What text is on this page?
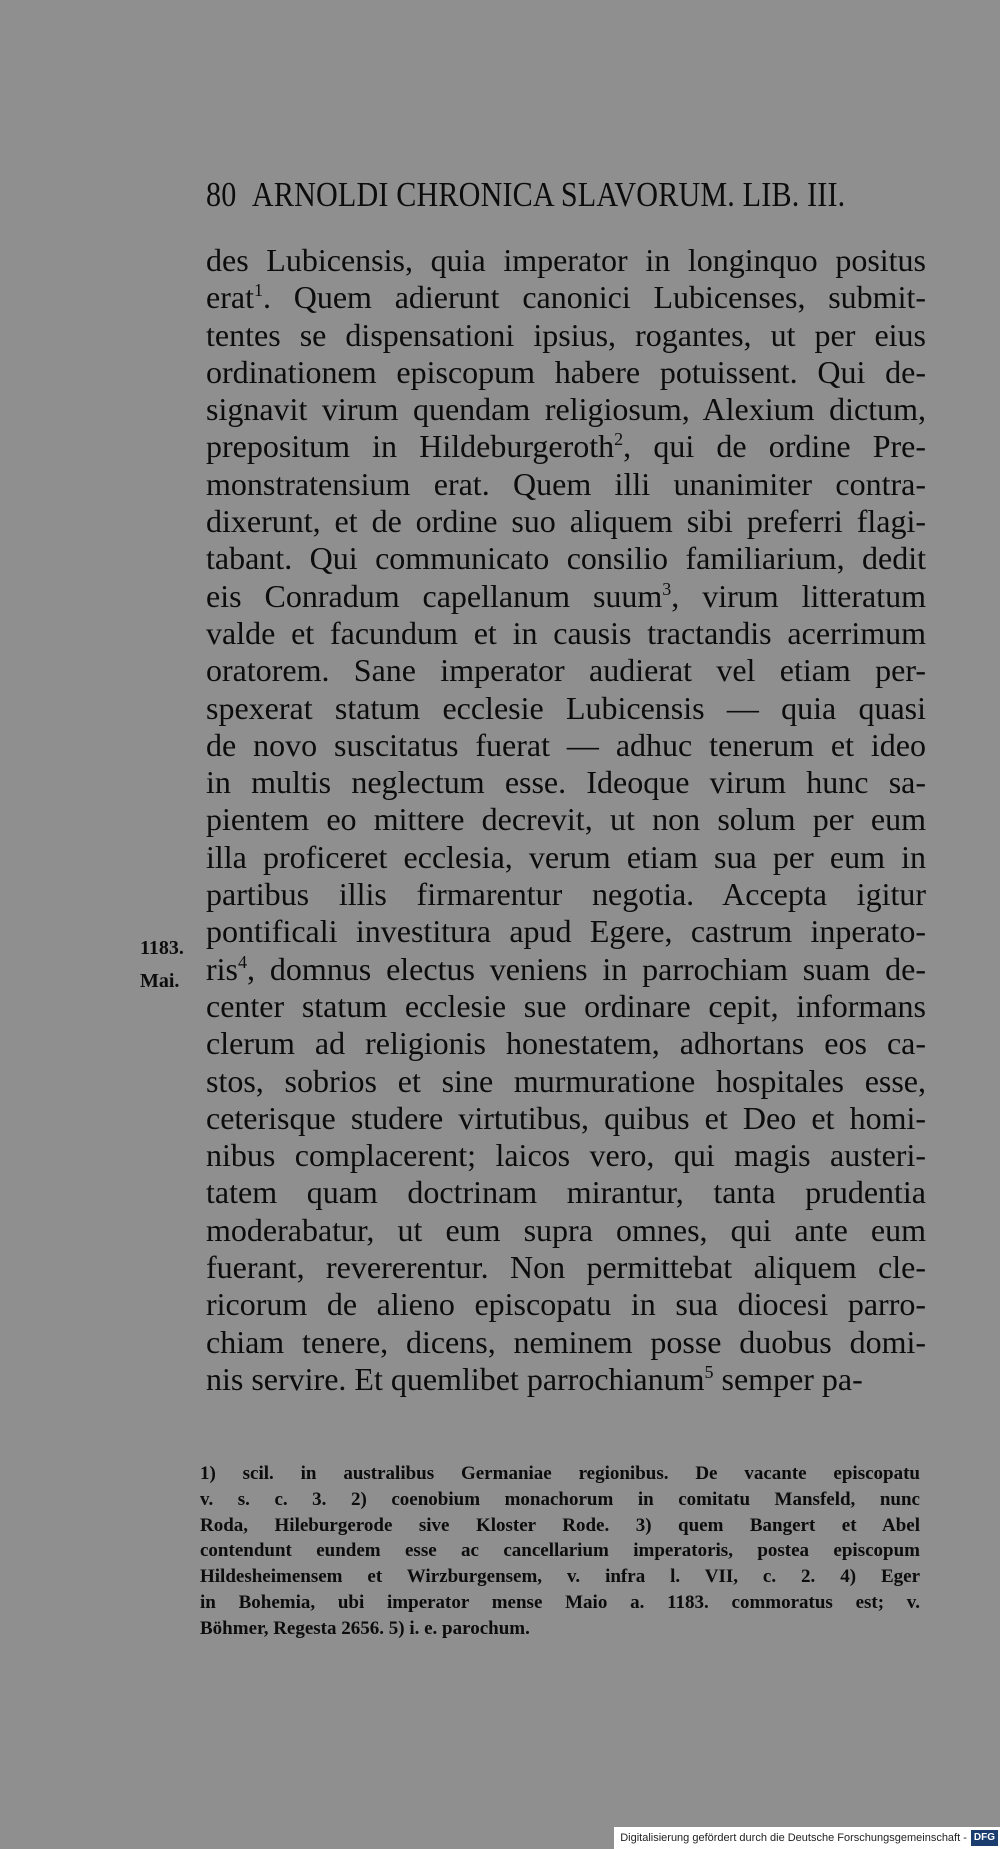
80 ARNOLDI CHRONICA SLAVORUM. LIB. III.
des Lubicensis, quia imperator in longinquo positus
erat$^1$. Quem adierunt canonici Lubicenses, submit-
tentes se dispensationi ipsius, rogantes, ut per eius
ordinationem episcopum habere potuissent. Qui de-
signavit virum quendam religiosum, Alexium dictum,
prepositum in Hildeburgeroth$^2$, qui de ordine Pre-
monstratensium erat. Quem illi unanimiter contra-
dixerunt, et de ordine suo aliquem sibi preferri flagi-
tabant. Qui communicato consilio familiarium, dedit
eis Conradum capellanum suum$^3$, virum litteratum
valde et facundum et in causis tractandis acerrimum
oratorem. Sane imperator audierat vel etiam per-
spexerat statum ecclesie Lubicensis — quia quasi
de novo suscitatus fuerat — adhuc tenerum et ideo
in multis neglectum esse. Ideoque virum hunc sa-
pientem eo mittere decrevit, ut non solum per eum
illa proficeret ecclesia, verum etiam sua per eum in
partibus illis firmarentur negotia. Accepta igitur
pontificali investitura apud Egere, castrum inperato-
ris$^4$, domnus electus veniens in parrochiam suam de-
center statum ecclesie sue ordinare cepit, informans
clerum ad religionis honestatem, adhortans eos ca-
stos, sobrios et sine murmuratione hospitales esse,
ceterisque studere virtutibus, quibus et Deo et homi-
nibus complacerent; laicos vero, qui magis austeri-
tatem quam doctrinam mirantur, tanta prudentia
moderabatur, ut eum supra omnes, qui ante eum
fuerant, revererentur. Non permittebat aliquem cle-
ricorum de alieno episcopatu in sua diocesi parro-
chiam tenere, dicens, neminem posse duobus domi-
nis servire. Et quemlibet parrochianum$^5$ semper pa-
1183.
Mai.
1) scil. in australibus Germaniae regionibus. De vacante episcopatu
v. s. c. 3. 2) coenobium monachorum in comitatu Mansfeld, nunc
Roda, Hileburgerode sive Kloster Rode. 3) quem Bangert et Abel
contendunt eundem esse ac cancellarium imperatoris, postea episcopum
Hildesheimensem et Wirzburgensem, v. infra l. VII, c. 2. 4) Eger
in Bohemia, ubi imperator mense Maio a. 1183. commoratus est; v.
Böhmer, Regesta 2656. 5) i. e. parochum.
Digitalisierung gefördert durch die Deutsche Forschungsgemeinschaft - DFG
